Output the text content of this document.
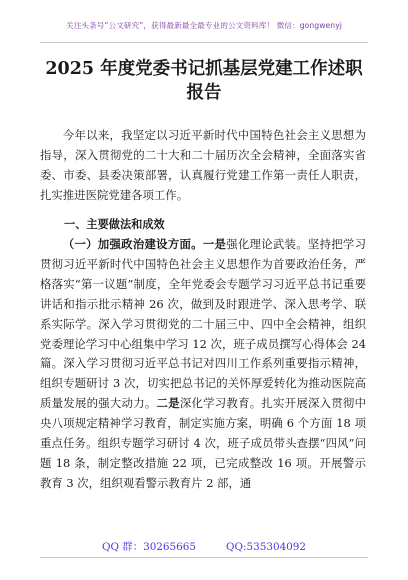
关注头条号“公文研究”，获得最新最全最专业的公文资料库！ 微信：gongwenyj
2025 年度党委书记抓基层党建工作述职
报告

今年以来，我坚定以习近平新时代中国特色社会主义思想为指导，深入贯彻党的二十大和二十届历次全会精神，全面落实省委、市委、县委决策部署，认真履行党建工作第一责任人职责，扎实推进医院党建各项工作。

一、主要做法和成效

（一）加强政治建设方面。一是强化理论武装。坚持把学习贯彻习近平新时代中国特色社会主义思想作为首要政治任务，严格落实“第一议题”制度，全年党委会专题学习习近平总书记重要讲话和指示批示精神 26 次，做到及时跟进学、深入思考学、联系实际学。深入学习贯彻党的二十届三中、四中全会精神，组织党委理论学习中心组集中学习 12 次，班子成员撰写心得体会 24 篇。深入学习贯彻习近平总书记对四川工作系列重要指示精神，组织专题研讨 3 次，切实把总书记的关怀厚爱转化为推动医院高质量发展的强大动力。二是深化学习教育。扎实开展深入贯彻中央八项规定精神学习教育，制定实施方案，明确 6 个方面 18 项重点任务。组织专题学习研讨 4 次，班子成员带头查摆“四风”问题 18 条，制定整改措施 22 项，已完成整改 16 项。开展警示教育 3 次，组织观看警示教育片 2 部，通

QQ 群：30265665	QQ:535304092
